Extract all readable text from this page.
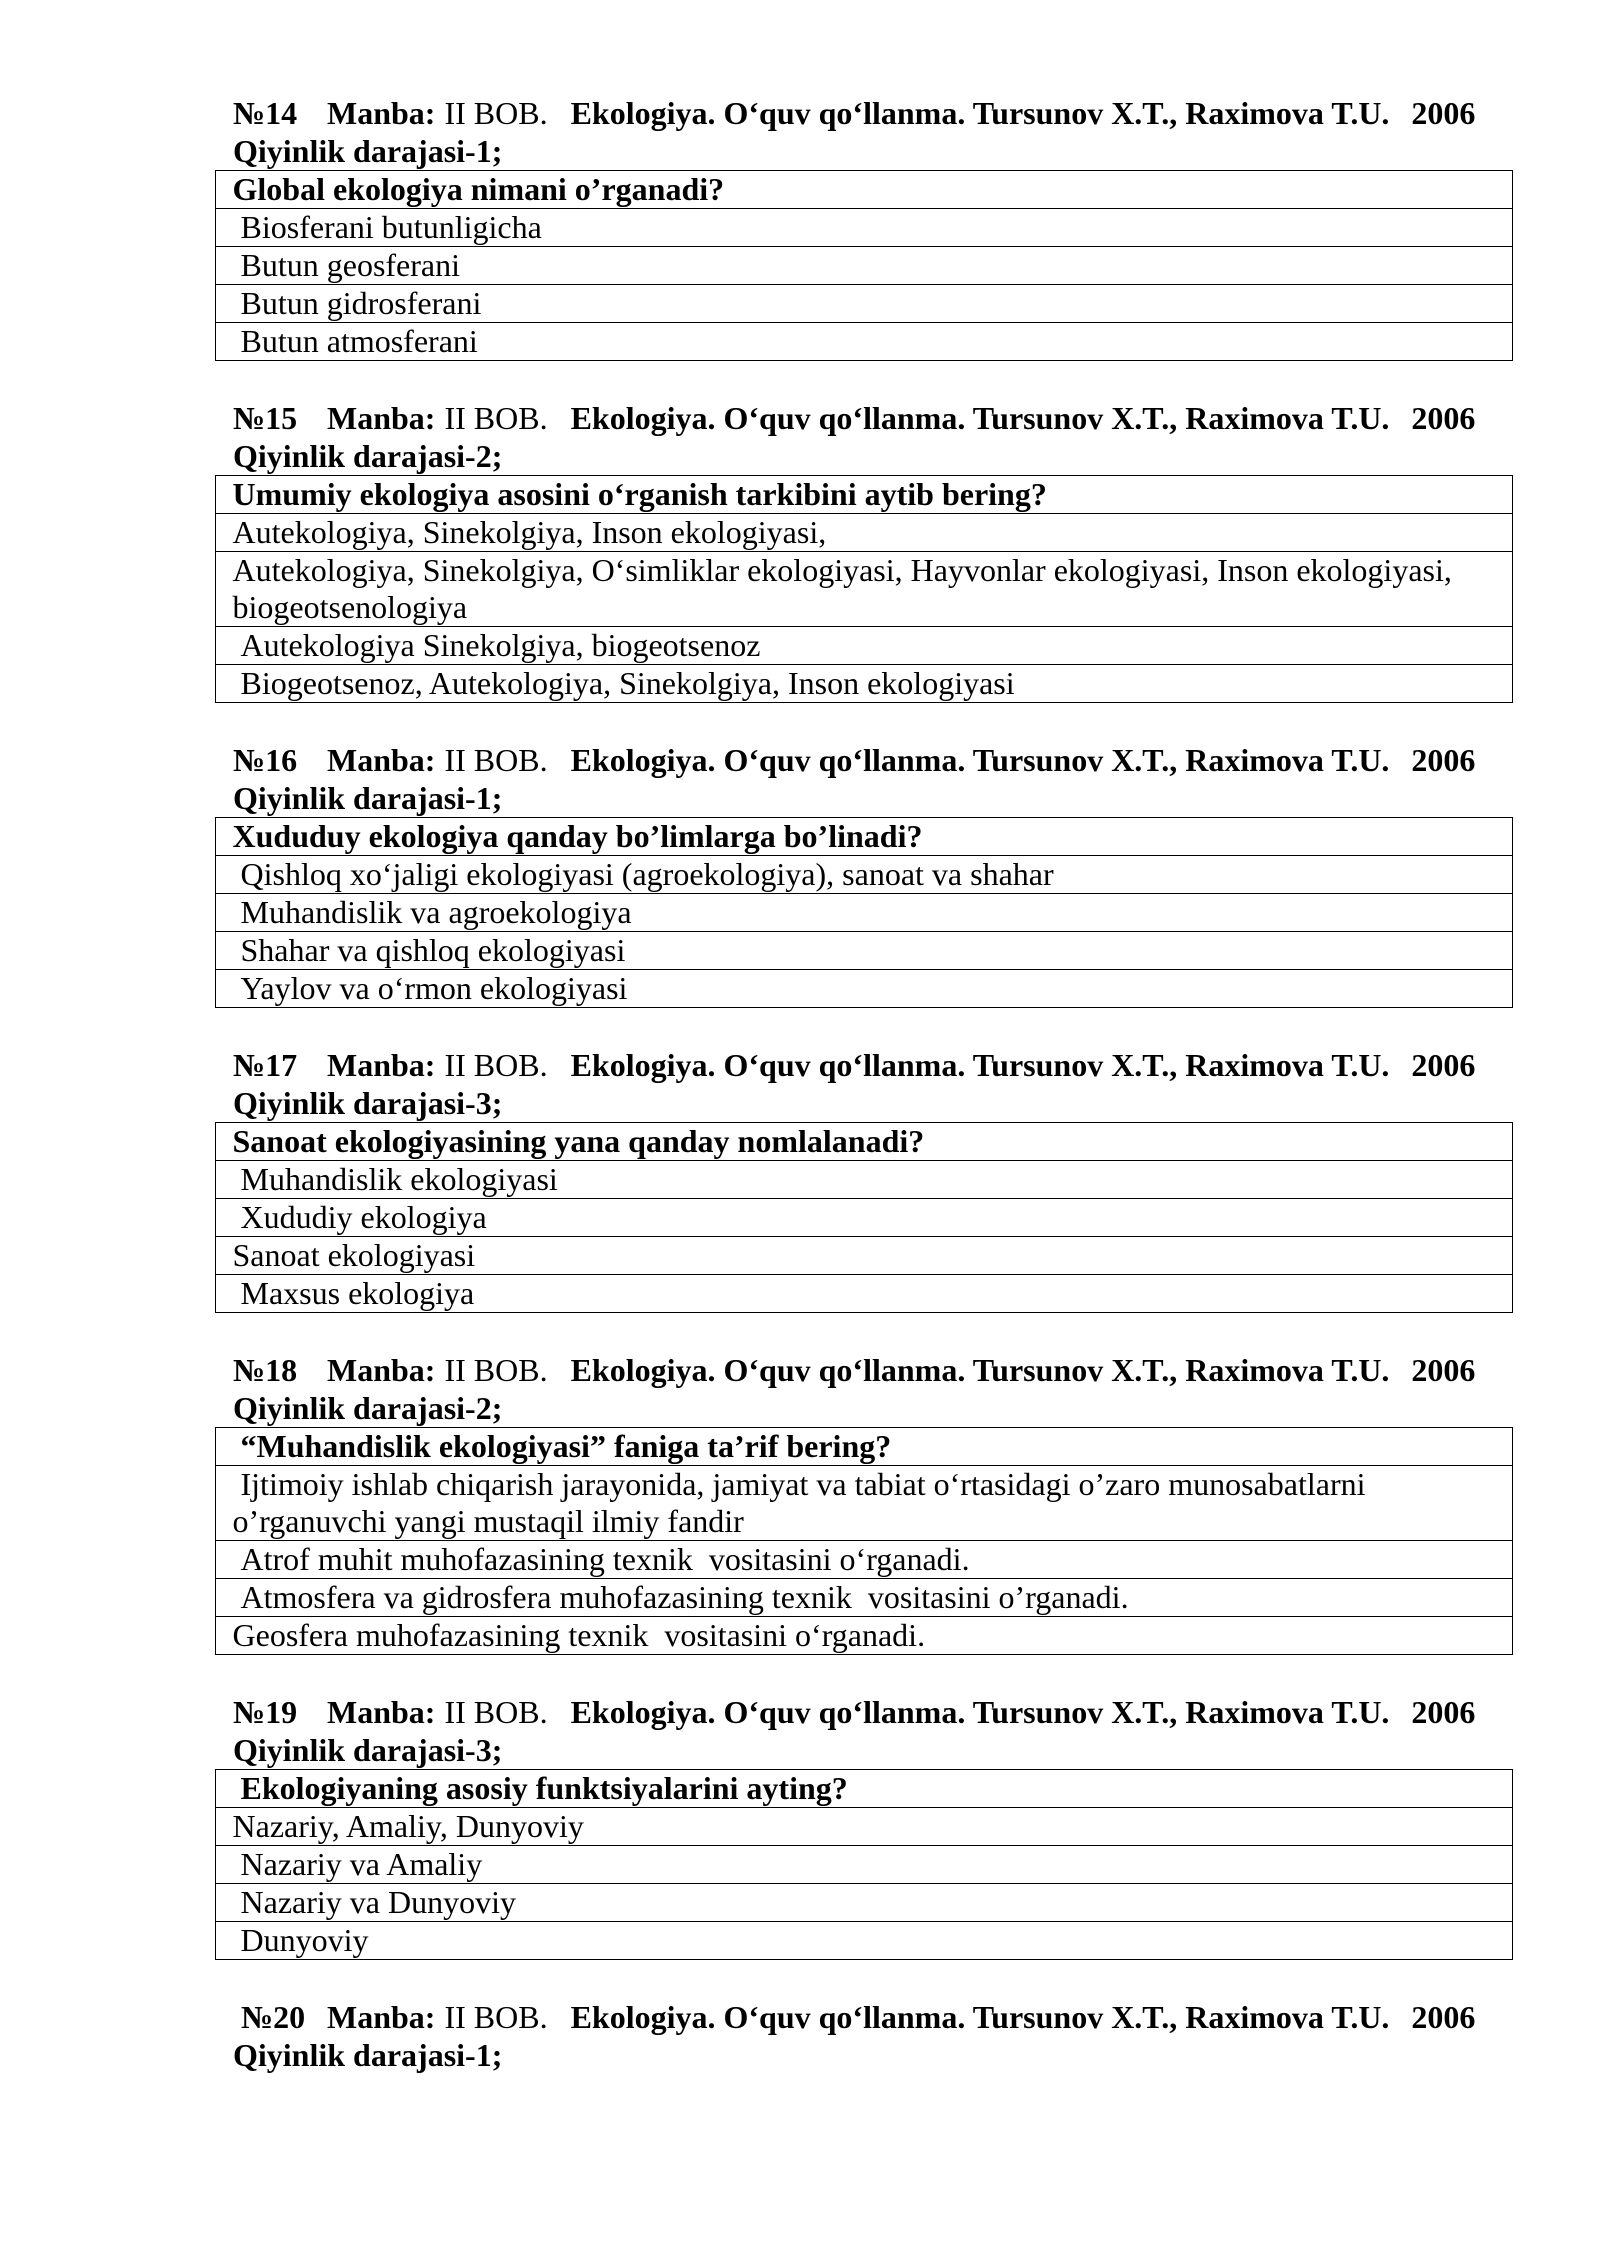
№14 Manba: II BOB. Ekologiya. O‘quv qo‘llanma. Tursunov X.T., Raximova T.U. 2006
Qiyinlik darajasi-1;
Global ekologiya nimani o’rganadi?
Biosferani butunligicha
Butun geosferani
Butun gidrosferani
Butun atmosferani
№15 Manba: II BOB. Ekologiya. O‘quv qo‘llanma. Tursunov X.T., Raximova T.U. 2006
Qiyinlik darajasi-2;
Umumiy ekologiya asosini o‘rganish tarkibini aytib bering?
Autekologiya, Sinekolgiya, Inson ekologiyasi,
Autekologiya, Sinekolgiya, O‘simliklar ekologiyasi, Hayvonlar ekologiyasi, Inson ekologiyasi, biogeotsenologiya
Autekologiya Sinekolgiya, biogeotsenoz
Biogeotsenoz, Autekologiya, Sinekolgiya, Inson ekologiyasi
№16 Manba: II BOB. Ekologiya. O‘quv qo‘llanma. Tursunov X.T., Raximova T.U. 2006
Qiyinlik darajasi-1;
Xududuy ekologiya qanday bo’limlarga bo’linadi?
Qishloq xo‘jaligi ekologiyasi (agroekologiya), sanoat va shahar
Muhandislik va agroekologiya
Shahar va qishloq ekologiyasi
Yaylov va o‘rmon ekologiyasi
№17 Manba: II BOB. Ekologiya. O‘quv qo‘llanma. Tursunov X.T., Raximova T.U. 2006
Qiyinlik darajasi-3;
Sanoat ekologiyasining yana qanday nomlalanadi?
Muhandislik ekologiyasi
Xududiy ekologiya
Sanoat ekologiyasi
Maxsus ekologiya
№18 Manba: II BOB. Ekologiya. O‘quv qo‘llanma. Tursunov X.T., Raximova T.U. 2006
Qiyinlik darajasi-2;
“Muhandislik ekologiyasi” faniga ta’rif bering?
Ijtimoiy ishlab chiqarish jarayonida, jamiyat va tabiat o‘rtasidagi o’zaro munosabatlarni o’rganuvchi yangi mustaqil ilmiy fandir
Atrof muhit muhofazasining texnik  vositasini o‘rganadi.
Atmosfera va gidrosfera muhofazasining texnik  vositasini o’rganadi.
Geosfera muhofazasining texnik  vositasini o‘rganadi.
№19 Manba: II BOB. Ekologiya. O‘quv qo‘llanma. Tursunov X.T., Raximova T.U. 2006
Qiyinlik darajasi-3;
Ekologiyaning asosiy funktsiyalarini ayting?
Nazariy, Amaliy, Dunyoviy
Nazariy va Amaliy
Nazariy va Dunyoviy
Dunyoviy
№20 Manba: II BOB. Ekologiya. O‘quv qo‘llanma. Tursunov X.T., Raximova T.U. 2006
Qiyinlik darajasi-1;
